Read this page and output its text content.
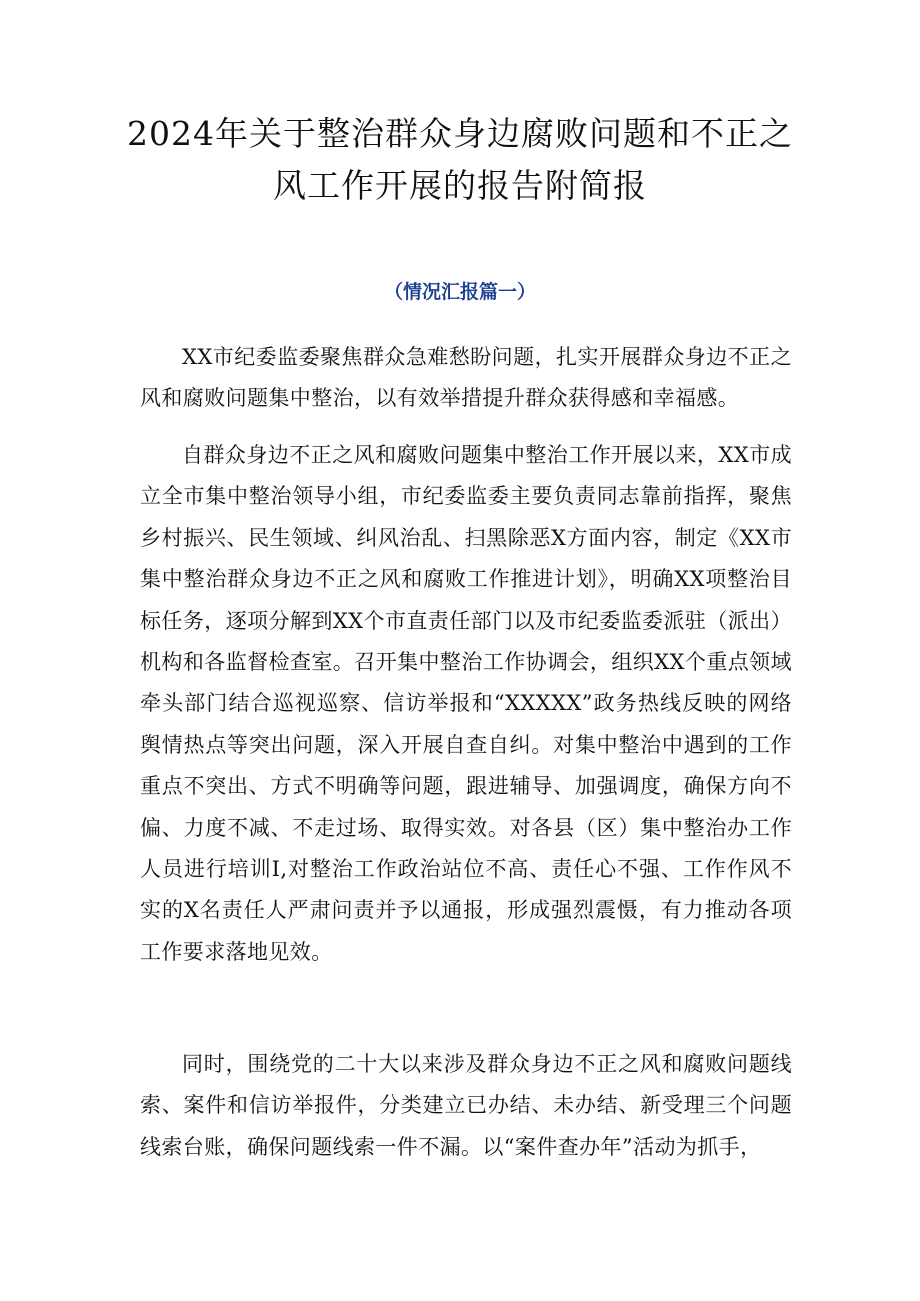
2024年关于整治群众身边腐败问题和不正之风工作开展的报告附简报

（情况汇报篇一）

XX市纪委监委聚焦群众急难愁盼问题，扎实开展群众身边不正之风和腐败问题集中整治，以有效举措提升群众获得感和幸福感。

自群众身边不正之风和腐败问题集中整治工作开展以来，XX市成立全市集中整治领导小组，市纪委监委主要负责同志靠前指挥，聚焦乡村振兴、民生领域、纠风治乱、扫黑除恶X方面内容，制定《XX市集中整治群众身边不正之风和腐败工作推进计划》，明确XX项整治目标任务，逐项分解到XX个市直责任部门以及市纪委监委派驻（派出）机构和各监督检查室。召开集中整治工作协调会，组织XX个重点领域牵头部门结合巡视巡察、信访举报和“XXXXX”政务热线反映的网络舆情热点等突出问题，深入开展自查自纠。对集中整治中遇到的工作重点不突出、方式不明确等问题，跟进辅导、加强调度，确保方向不偏、力度不减、不走过场、取得实效。对各县（区）集中整治办工作人员进行培训I,对整治工作政治站位不高、责任心不强、工作作风不实的X名责任人严肃问责并予以通报，形成强烈震慑，有力推动各项工作要求落地见效。

同时，围绕党的二十大以来涉及群众身边不正之风和腐败问题线索、案件和信访举报件，分类建立已办结、未办结、新受理三个问题线索台账，确保问题线索一件不漏。以“案件查办年”活动为抓手，
